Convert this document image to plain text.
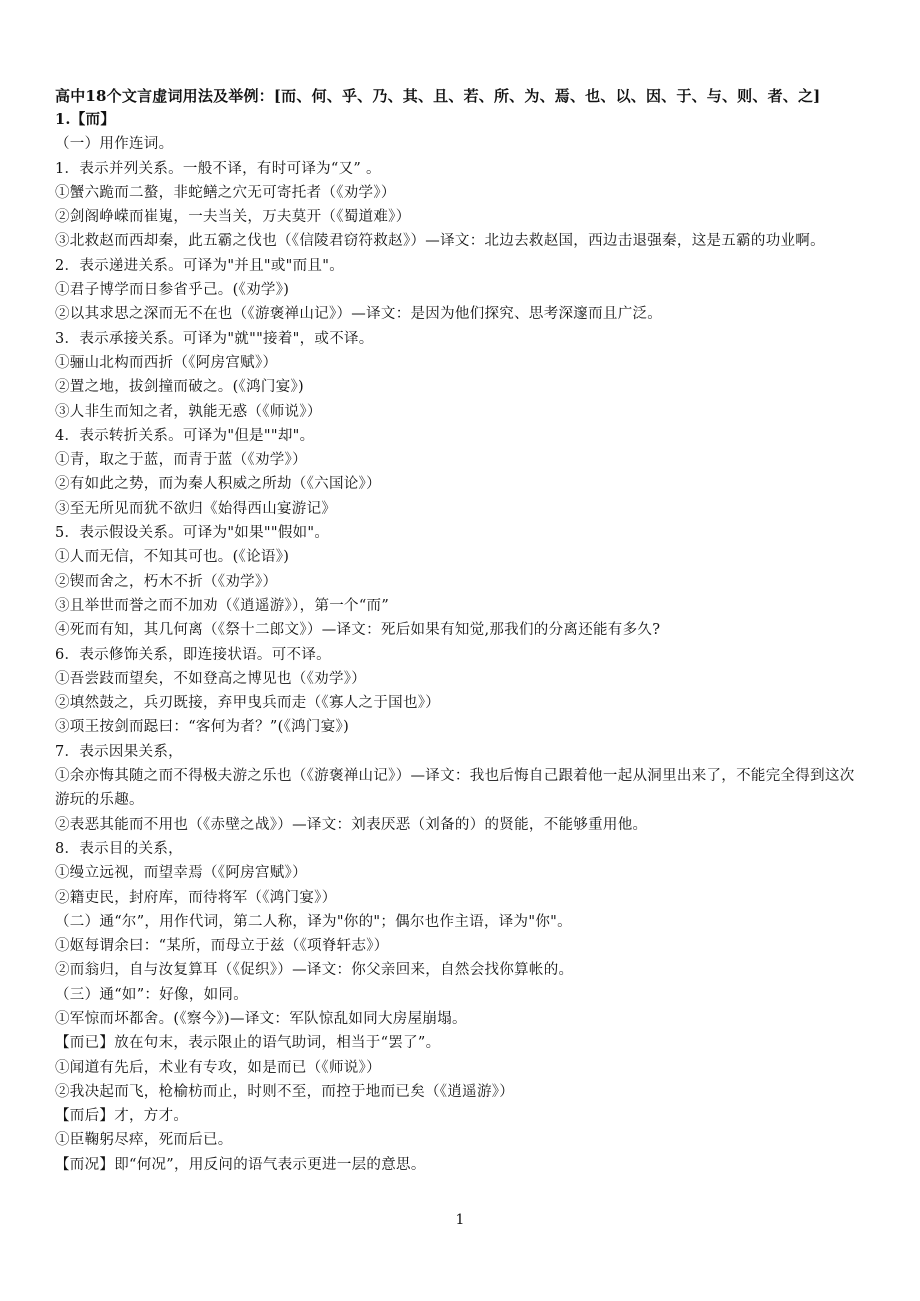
高中18个文言虚词用法及举例：[而、何、乎、乃、其、且、若、所、为、焉、也、以、因、于、与、则、者、之]
1.【而】
（一）用作连词。
1．表示并列关系。一般不译，有时可译为“又” 。
①蟹六跪而二螯，非蛇鳝之穴无可寄托者（《劝学》）
②剑阁峥嵘而崔嵬，一夫当关，万夫莫开（《蜀道难》）
③北救赵而西却秦，此五霸之伐也（《信陵君窃符救赵》）—译文：北边去救赵国，西边击退强秦，这是五霸的功业啊。
2．表示递进关系。可译为"并且"或"而且"。
①君子博学而日参省乎己。(《劝学》)
②以其求思之深而无不在也（《游褒禅山记》）—译文：是因为他们探究、思考深邃而且广泛。
3．表示承接关系。可译为"就""接着"，或不译。
①骊山北构而西折（《阿房宫赋》）
②置之地，拔剑撞而破之。(《鸿门宴》)
③人非生而知之者，孰能无惑（《师说》）
4．表示转折关系。可译为"但是""却"。
①青，取之于蓝，而青于蓝（《劝学》）
②有如此之势，而为秦人积威之所劫（《六国论》）
③至无所见而犹不欲归《始得西山宴游记》
5．表示假设关系。可译为"如果""假如"。
①人而无信，不知其可也。(《论语》)
②锲而舍之，朽木不折（《劝学》）
③且举世而誉之而不加劝（《逍遥游》），第一个“而”
④死而有知，其几何离（《祭十二郎文》）—译文：死后如果有知觉,那我们的分离还能有多久?
6．表示修饰关系，即连接状语。可不译。
①吾尝跂而望矣，不如登高之博见也（《劝学》）
②填然鼓之，兵刃既接，弃甲曳兵而走（《寡人之于国也》）
③项王按剑而跽曰：“客何为者？”(《鸿门宴》)
7．表示因果关系，
①余亦悔其随之而不得极夫游之乐也（《游褒禅山记》）—译文：我也后悔自己跟着他一起从洞里出来了，不能完全得到这次游玩的乐趣。
②表恶其能而不用也（《赤壁之战》）—译文：刘表厌恶（刘备的）的贤能，不能够重用他。
8．表示目的关系，
①缦立远视，而望幸焉（《阿房宫赋》）
②籍吏民，封府库，而待将军（《鸿门宴》）
（二）通“尔”，用作代词，第二人称，译为"你的"；偶尔也作主语，译为"你"。
①妪每谓余曰：“某所，而母立于兹（《项脊轩志》）
②而翁归，自与汝复算耳（《促织》）—译文：你父亲回来，自然会找你算帐的。
（三）通“如”：好像，如同。
①军惊而坏都舍。(《察今》)—译文：军队惊乱如同大房屋崩塌。
【而已】放在句末，表示限止的语气助词，相当于“罢了”。
①闻道有先后，术业有专攻，如是而已（《师说》）
②我决起而飞，枪榆枋而止，时则不至，而控于地而已矣（《逍遥游》）
【而后】才，方才。
①臣鞠躬尽瘁，死而后已。
【而况】即“何况”，用反问的语气表示更进一层的意思。
1
